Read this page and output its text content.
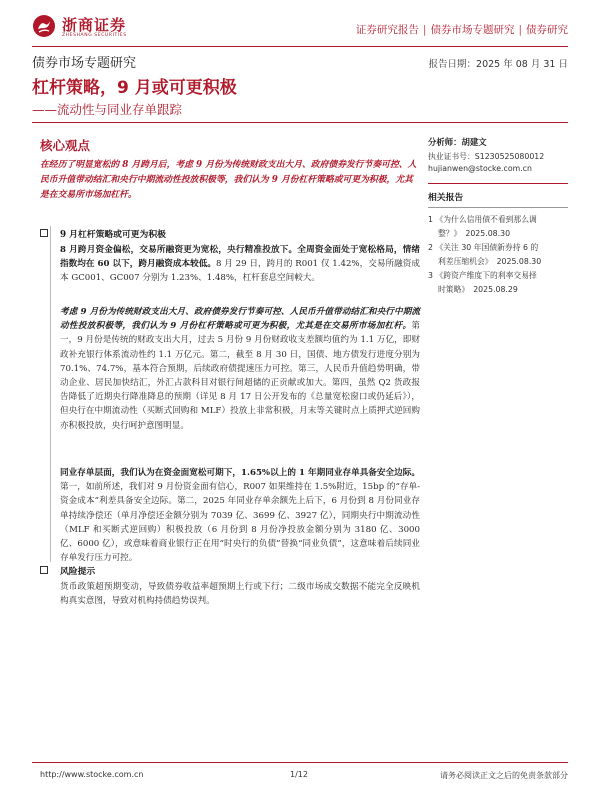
浙商证券
ZHESHANG SECURITIES	证券研究报告 | 债券市场专题研究 | 债券研究
债券市场专题研究	报告日期：2025 年 08 月 31 日
杠杆策略，9 月或可更积极
——流动性与同业存单跟踪
核心观点
在经历了明显宽松的 8 月跨月后，考虑 9 月份为传统财政支出大月、政府债券发行节奏可控、人民币升值带动结汇和央行中期流动性投放积极等，我们认为 9 月份杠杆策略或可更为积极，尤其是在交易所市场加杠杆。
9 月杠杆策略或可更为积极
8 月跨月资金偏松，交易所融资更为宽松，央行精准投放下。全周资金面处于宽松格局，情绪指数均在 60 以下，跨月融资成本较低。8 月 29 日，跨月的 R001 仅 1.42%，交易所融资成本 GC001、GC007 分别为 1.23%、1.48%，杠杆套息空间較大。
考虑 9 月份为传统财政支出大月、政府债券发行节奏可控、人民币升值带动结汇和央行中期流动性投放积极等，我们认为 9 月份杠杆策略或可更为积极，尤其是在交易所市场加杠杆。第一，9 月份是传统的财政支出大月，过去 5 月份 9 月份财政收支差额均值约为 1.1 万亿，即财政补充银行体系流动性约 1.1 万亿元。第二，截至 8 月 30 日，国债、地方债发行进度分别为 70.1%、74.7%，基本符合预期，后续政府债提速压力可控。第三，人民币升值趋势明确，带动企业、居民加快结汇，外汇占款科目对银行间超储的正贡献或加大。第四，虽然 Q2 货政报告降低了近期央行降准降息的预期（详见 8 月 17 日公开发布的《总量宽松窗口或仍延后》），但央行在中期流动性（买断式回购和 MLF）投放上非常积极，月末等关键时点上质押式逆回购亦积极投放，央行呵护意图明显。
同业存单层面，我们认为在资金面宽松可期下，1.65%以上的 1 年期同业存单具备安全边际。第一，如前所述，我们对 9 月份资金面有信心，R007 如果维持在 1.5%附近，15bp 的“存单-资金成本”利差具备安全边际。第二，2025 年同业存单余额先上后下，6 月份到 8 月份同业存单持续净偿还（单月净偿还金额分别为 7039 亿、3699 亿、3927 亿），同期央行中期流动性（MLF 和买断式逆回购）积极投放（6 月份到 8 月份净投放金额分别为 3180 亿、3000 亿、6000 亿），或意味着商业银行正在用“时央行的负债”替换“同业负债”，这意味着后续同业存单发行压力可控。
风险提示
货币政策超预期变动，导致债券收益率超预期上行或下行；二级市场成交数据不能完全反映机构真实意图，导致对机构持债趋势误判。
分析师：胡建文
执业证书号：S1230525080012
hujianwen@stocke.com.cn
相关报告
1 《为什么信用债不看到那么调
整？》 2025.08.30
2 《关注 30 年国债新券持 6 的
利差压缩机会》 2025.08.30
3 《跨资产维度下的利率交易择
时策略》 2025.08.29
http://www.stocke.com.cn	1/12	请务必阅读正文之后的免责条款部分
